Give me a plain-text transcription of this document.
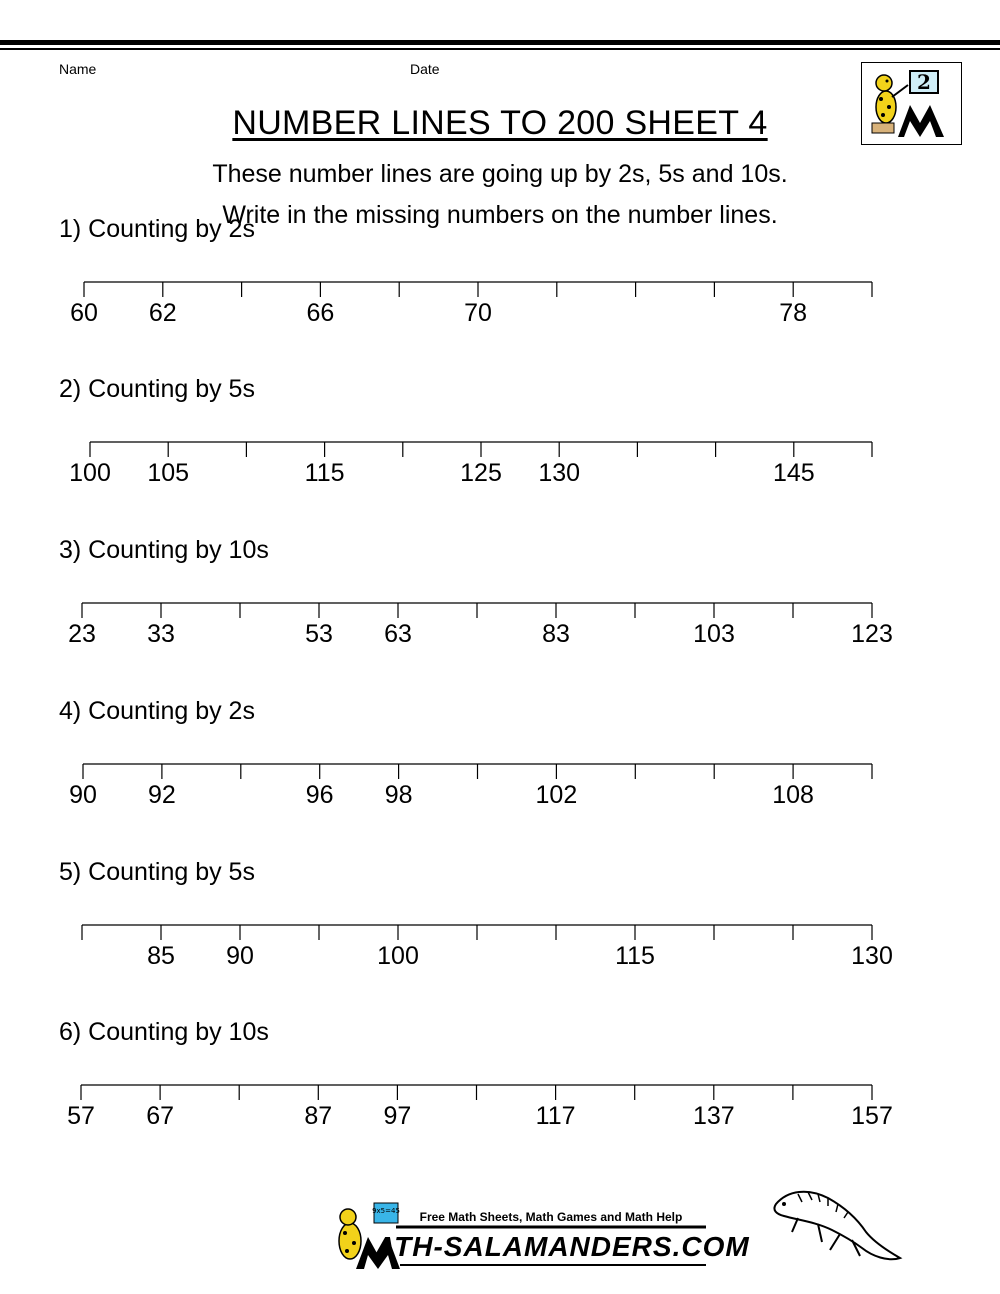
Name	Date
2
NUMBER LINES TO 200 SHEET 4
These number lines are going up by 2s, 5s and 10s.
Write in the missing numbers on the number lines.
1) Counting by 2s
60 62	66	70	78
2) Counting by 5s
100 105	115	125 130	145
3) Counting by 10s
23 33	53 63	83	103	123
4) Counting by 2s
90 92	96 98	102	108
5) Counting by 5s
85 90	100	115	130
6) Counting by 10s
57 67	87 97	117	137	157
9x5=45	Free Math Sheets, Math Games and Math Help
ATH-SALAMANDERS.COM
